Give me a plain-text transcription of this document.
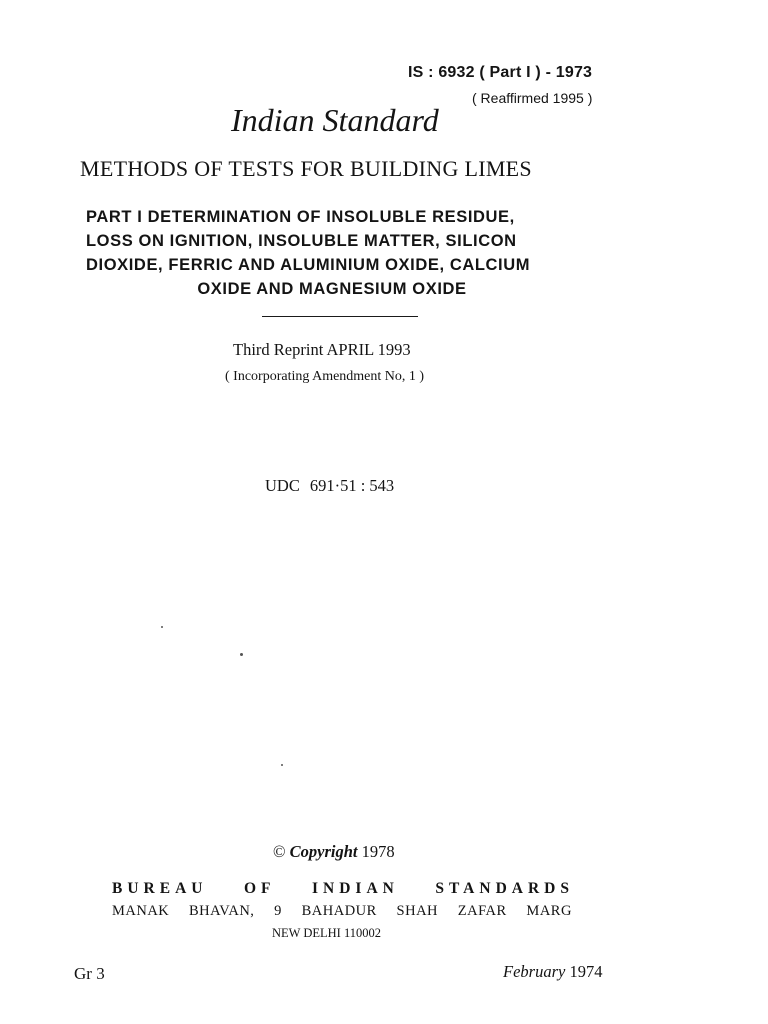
IS : 6932 ( Part I ) - 1973
( Reaffirmed 1995 )
Indian Standard
METHODS OF TESTS FOR BUILDING LIMES
PART I DETERMINATION OF INSOLUBLE RESIDUE,
LOSS ON IGNITION, INSOLUBLE MATTER, SILICON
DIOXIDE, FERRIC AND ALUMINIUM OXIDE, CALCIUM
OXIDE AND MAGNESIUM OXIDE
Third Reprint APRIL 1993
( Incorporating Amendment No, 1 )
UDC 691·51 : 543
© Copyright 1978
BUREAU OF INDIAN STANDARDS
MANAK BHAVAN, 9 BAHADUR SHAH ZAFAR MARG
NEW DELHI 110002
Gr 3	February 1974
